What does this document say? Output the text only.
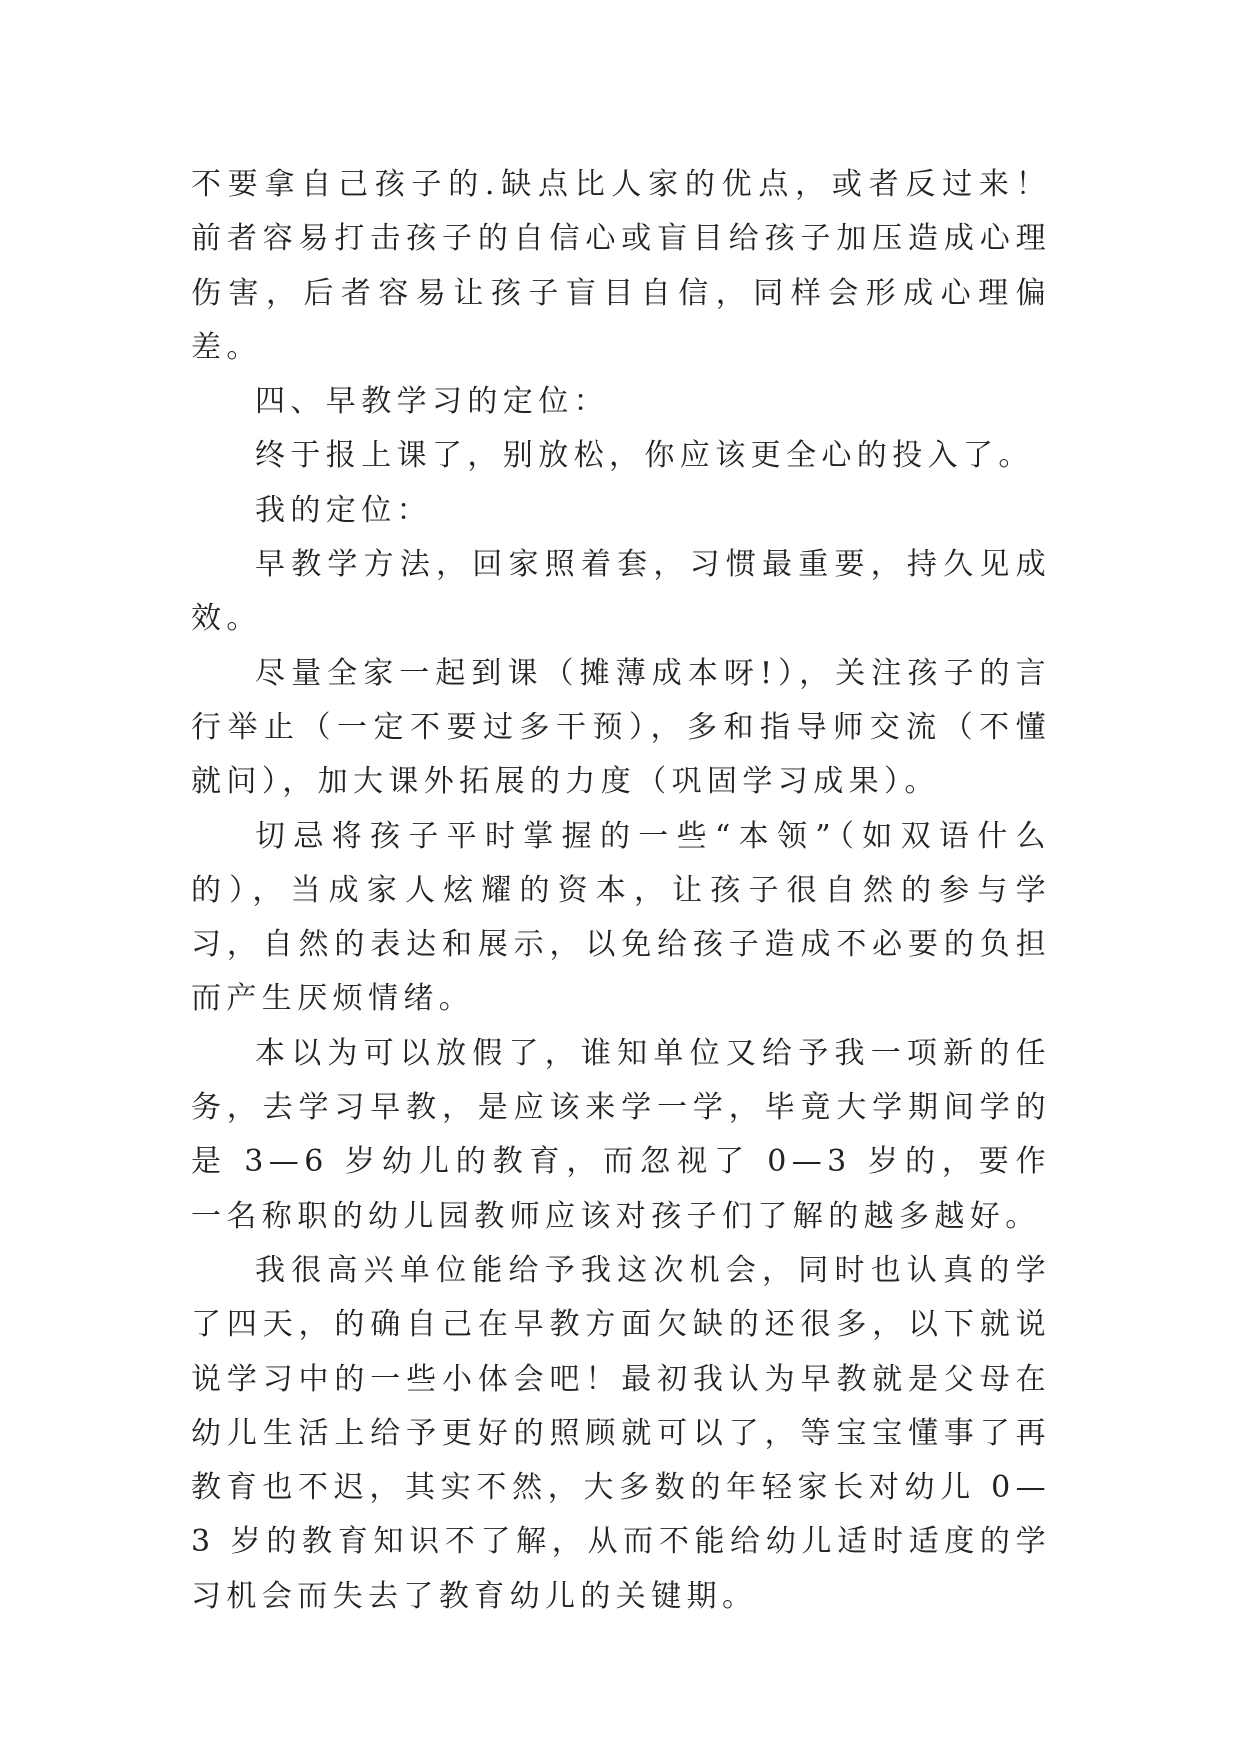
不要拿自己孩子的.缺点比人家的优点，或者反过来！前者容易打击孩子的自信心或盲目给孩子加压造成心理伤害，后者容易让孩子盲目自信，同样会形成心理偏差。

四、早教学习的定位：

终于报上课了，别放松，你应该更全心的投入了。

我的定位：

早教学方法，回家照着套，习惯最重要，持久见成效。

尽量全家一起到课（摊薄成本呀!），关注孩子的言行举止（一定不要过多干预），多和指导师交流（不懂就问），加大课外拓展的力度（巩固学习成果）。

切忌将孩子平时掌握的一些“本领”（如双语什么的），当成家人炫耀的资本，让孩子很自然的参与学习，自然的表达和展示，以免给孩子造成不必要的负担而产生厌烦情绪。

本以为可以放假了，谁知单位又给予我一项新的任务，去学习早教，是应该来学一学，毕竟大学期间学的是 3—6 岁幼儿的教育，而忽视了 0—3 岁的，要作一名称职的幼儿园教师应该对孩子们了解的越多越好。

我很高兴单位能给予我这次机会，同时也认真的学了四天，的确自己在早教方面欠缺的还很多，以下就说说学习中的一些小体会吧！最初我认为早教就是父母在幼儿生活上给予更好的照顾就可以了，等宝宝懂事了再教育也不迟，其实不然，大多数的年轻家长对幼儿 0—3 岁的教育知识不了解，从而不能给幼儿适时适度的学习机会而失去了教育幼儿的关键期。
